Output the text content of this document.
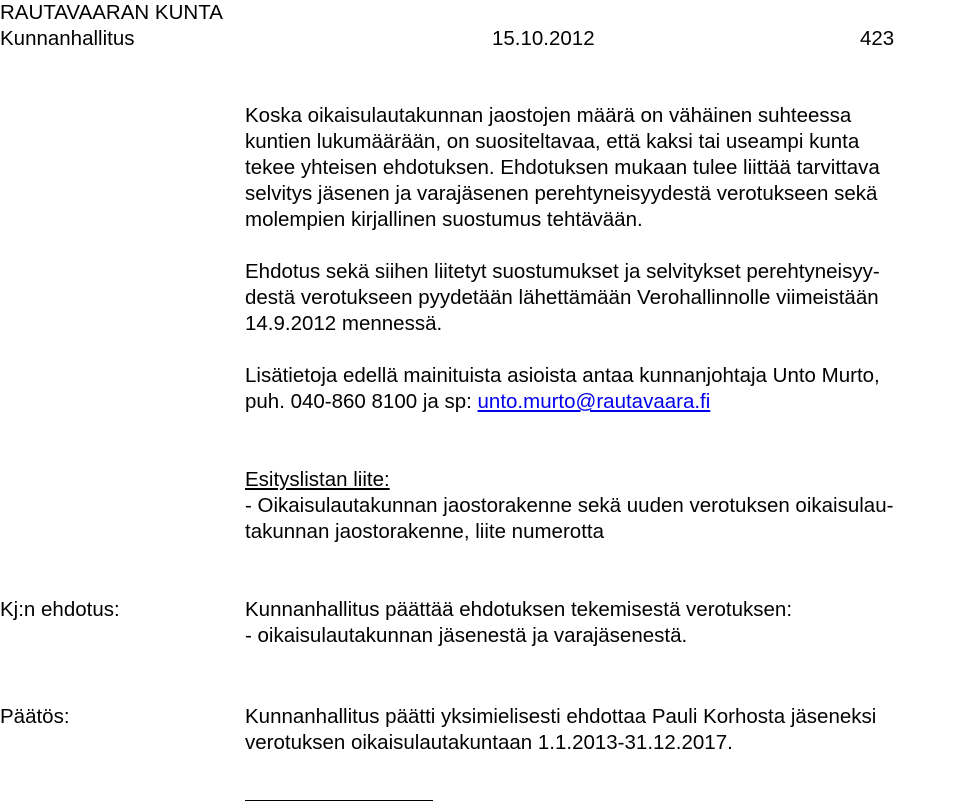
RAUTAVAARAN KUNTA
Kunnanhallitus	15.10.2012	423
Koska oikaisulautakunnan jaostojen määrä on vähäinen suhteessa
kuntien lukumäärään, on suositeltavaa, että kaksi tai useampi kunta
tekee yhteisen ehdotuksen. Ehdotuksen mukaan tulee liittää tarvittava
selvitys jäsenen ja varajäsenen perehtyneisyydestä verotukseen sekä
molempien kirjallinen suostumus tehtävään.
Ehdotus sekä siihen liitetyt suostumukset ja selvitykset perehtyneisyy-
destä verotukseen pyydetään lähettämään Verohallinnolle viimeistään
14.9.2012 mennessä.
Lisätietoja edellä mainituista asioista antaa kunnanjohtaja Unto Murto,
puh. 040-860 8100 ja sp: unto.murto@rautavaara.fi
Esityslistan liite:
- Oikaisulautakunnan jaostorakenne sekä uuden verotuksen oikaisulau-
takunnan jaostorakenne, liite numerotta
Kj:n ehdotus:	Kunnanhallitus päättää ehdotuksen tekemisestä verotuksen:
- oikaisulautakunnan jäsenestä ja varajäsenestä.
Päätös:	Kunnanhallitus päätti yksimielisesti ehdottaa Pauli Korhosta jäseneksi
verotuksen oikaisulautakuntaan 1.1.2013-31.12.2017.
